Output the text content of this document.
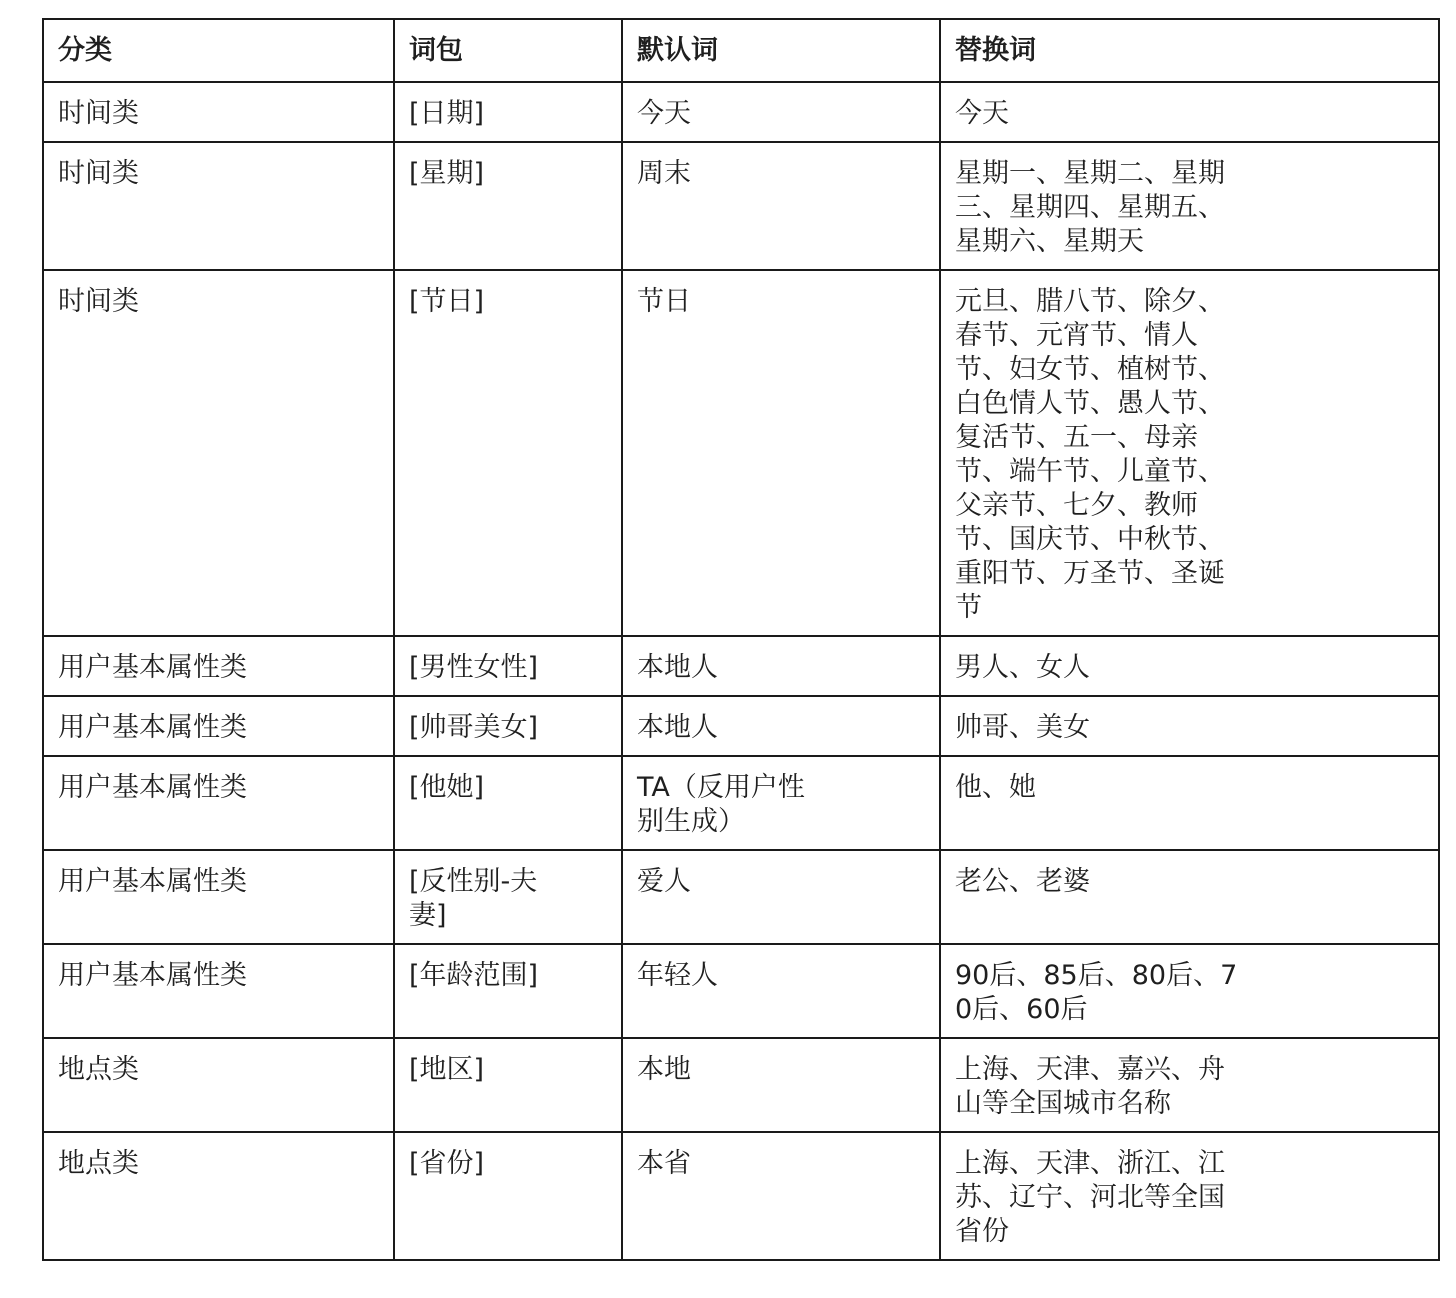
分类	词包	默认词	替换词

时间类	[日期]	今天	今天

时间类	[星期]	周末	星期一、星期二、星期三、星期四、星期五、星期六、星期天

时间类	[节日]	节日	元旦、腊八节、除夕、春节、元宵节、情人节、妇女节、植树节、白色情人节、愚人节、复活节、五一、母亲节、端午节、儿童节、父亲节、七夕、教师节、国庆节、中秋节、重阳节、万圣节、圣诞节

用户基本属性类	[男性女性]	本地人	男人、女人

用户基本属性类	[帅哥美女]	本地人	帅哥、美女

用户基本属性类	[他她]	TA（反用户性别生成）	他、她

用户基本属性类	[反性别-夫妻]	爱人	老公、老婆

用户基本属性类	[年龄范围]	年轻人	90后、85后、80后、70后、60后

地点类	[地区]	本地	上海、天津、嘉兴、舟山等全国城市名称

地点类	[省份]	本省	上海、天津、浙江、江苏、辽宁、河北等全国省份
